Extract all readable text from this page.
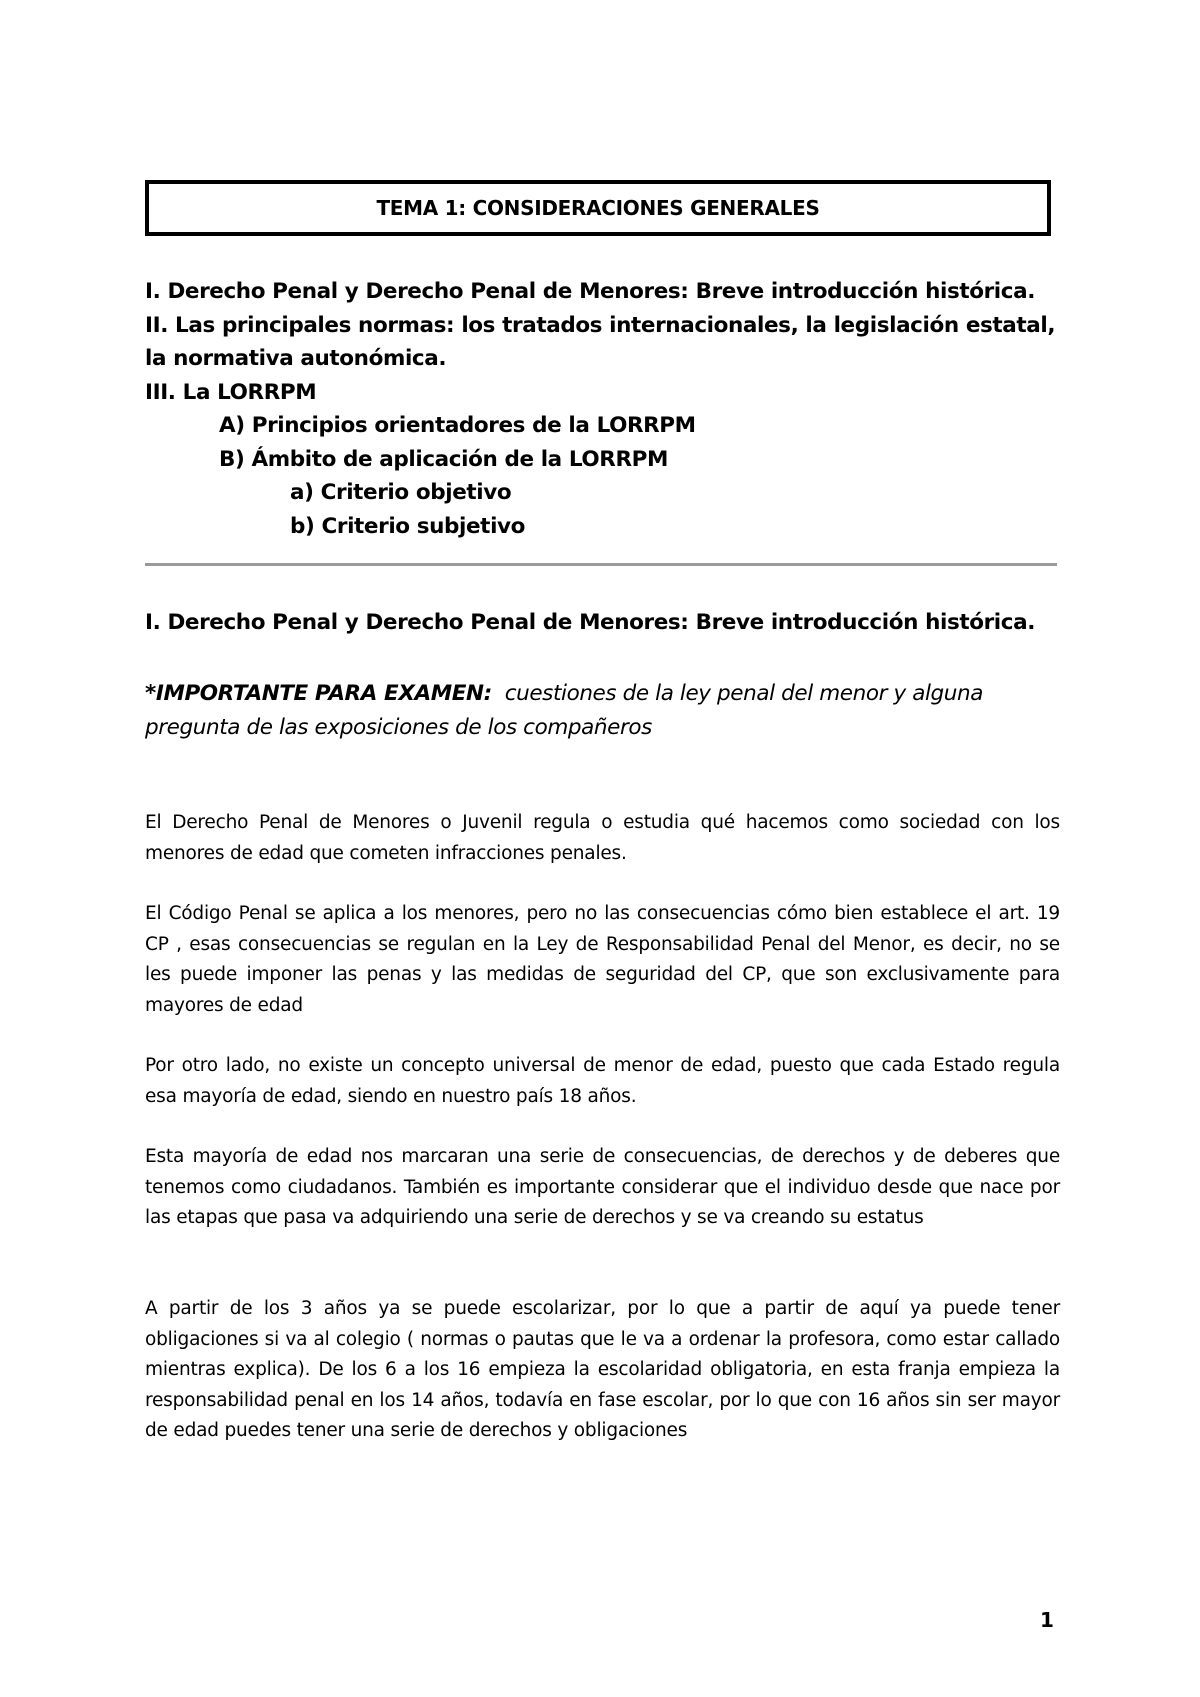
TEMA 1: CONSIDERACIONES GENERALES
I. Derecho Penal y Derecho Penal de Menores: Breve introducción histórica.
II. Las principales normas: los tratados internacionales, la legislación estatal, la normativa autonómica.
III. La LORRPM
A) Principios orientadores de la LORRPM
B) Ámbito de aplicación de la LORRPM
a) Criterio objetivo
b) Criterio subjetivo
I. Derecho Penal y Derecho Penal de Menores: Breve introducción histórica.
*IMPORTANTE PARA EXAMEN: cuestiones de la ley penal del menor y alguna pregunta de las exposiciones de los compañeros

El Derecho Penal de Menores o Juvenil regula o estudia qué hacemos como sociedad con los menores de edad que cometen infracciones penales.

El Código Penal se aplica a los menores, pero no las consecuencias cómo bien establece el art. 19 CP , esas consecuencias se regulan en la Ley de Responsabilidad Penal del Menor, es decir, no se les puede imponer las penas y las medidas de seguridad del CP, que son exclusivamente para mayores de edad

Por otro lado, no existe un concepto universal de menor de edad, puesto que cada Estado regula esa mayoría de edad, siendo en nuestro país 18 años.

Esta mayoría de edad nos marcaran una serie de consecuencias, de derechos y de deberes que tenemos como ciudadanos. También es importante considerar que el individuo desde que nace por las etapas que pasa va adquiriendo una serie de derechos y se va creando su estatus

A partir de los 3 años ya se puede escolarizar, por lo que a partir de aquí ya puede tener obligaciones si va al colegio ( normas o pautas que le va a ordenar la profesora, como estar callado mientras explica). De los 6 a los 16 empieza la escolaridad obligatoria, en esta franja empieza la responsabilidad penal en los 14 años, todavía en fase escolar, por lo que con 16 años sin ser mayor de edad puedes tener una serie de derechos y obligaciones

1
